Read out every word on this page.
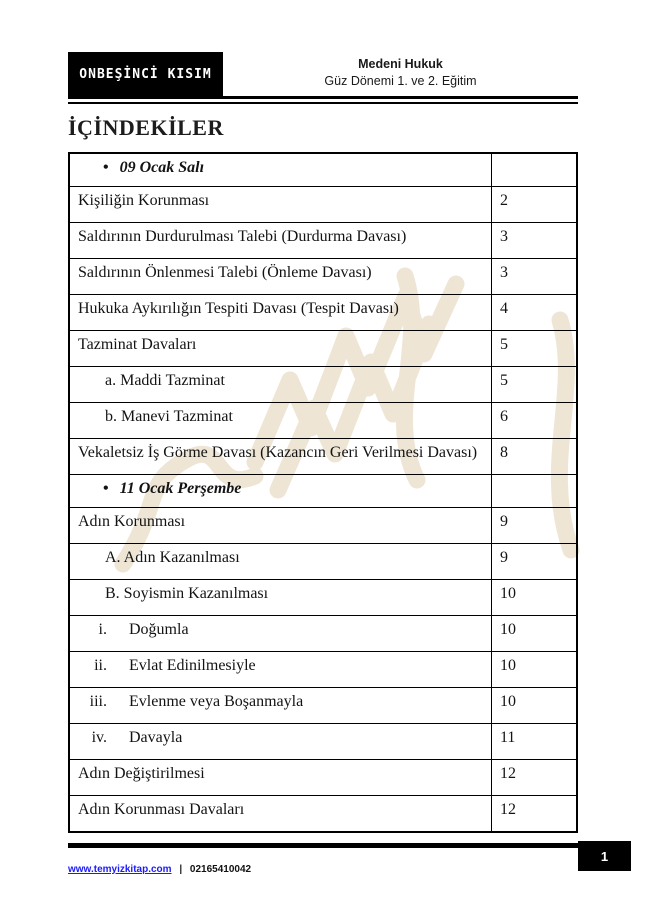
ONBEŞİNCİ KISIM
Medeni Hukuk
Güz Dönemi 1. ve 2. Eğitim
İÇİNDEKİLER
• 09 Ocak Salı
Kişiliğin Korunması	2
Saldırının Durdurulması Talebi (Durdurma Davası)	3
Saldırının Önlenmesi Talebi (Önleme Davası)	3
Hukuka Aykırılığın Tespiti Davası (Tespit Davası)	4
Tazminat Davaları	5
a. Maddi Tazminat	5
b. Manevi Tazminat	6
Vekaletsiz İş Görme Davası (Kazancın Geri Verilmesi Davası)	8
• 11 Ocak Perşembe
Adın Korunması	9
A. Adın Kazanılması	9
B. Soyismin Kazanılması	10
i. Doğumla	10
ii. Evlat Edinilmesiyle	10
iii. Evlenme veya Boşanmayla	10
iv. Davayla	11
Adın Değiştirilmesi	12
Adın Korunması Davaları	12
1
www.temyizkitap.com | 02165410042
